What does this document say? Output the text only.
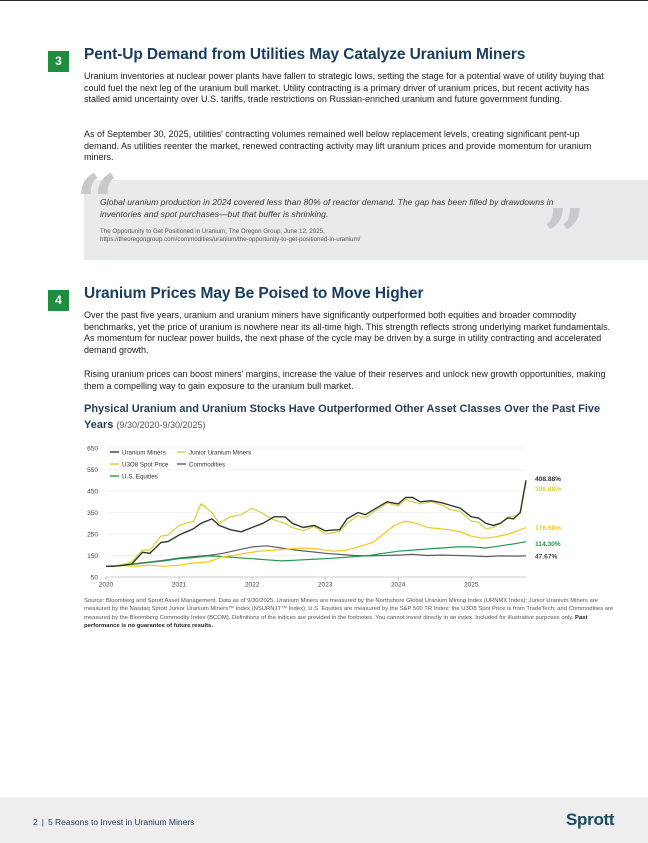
3	Pent-Up Demand from Utilities May Catalyze Uranium Miners
Uranium inventories at nuclear power plants have fallen to strategic lows, setting the stage for a potential wave of utility buying that could fuel the next leg of the uranium bull market. Utility contracting is a primary driver of uranium prices, but recent activity has stalled amid uncertainty over U.S. tariffs, trade restrictions on Russian-enriched uranium and future government funding.
As of September 30, 2025, utilities' contracting volumes remained well below replacement levels, creating significant pent-up demand. As utilities reenter the market, renewed contracting activity may lift uranium prices and provide momentum for uranium miners.
“	”
Global uranium production in 2024 covered less than 80% of reactor demand. The gap has been filled by drawdowns in inventories and spot purchases—but that buffer is shrinking.
The Opportunity to Get Positioned in Uranium, The Oregon Group, June 12, 2025,
https://theoregongroup.com/commodities/uranium/the-opportunity-to-get-positioned-in-uranium/
4	Uranium Prices May Be Poised to Move Higher
Over the past five years, uranium and uranium miners have significantly outperformed both equities and broader commodity benchmarks, yet the price of uranium is nowhere near its all-time high. This strength reflects strong underlying market fundamentals. As momentum for nuclear power builds, the next phase of the cycle may be driven by a surge in utility contracting and accelerated demand growth.
Rising uranium prices can boost miners' margins, increase the value of their reserves and unlock new growth opportunities, making them a compelling way to gain exposure to the uranium bull market.
Physical Uranium and Uranium Stocks Have Outperformed Other Asset Classes Over the Past Five Years (9/30/2020-9/30/2025)
50
150
250
350
450
550
650
2020	2021	2022	2023	2024	2025
408.88%
396.88%
176.58%
114.30%
47.67%
Uranium Miners	Junior Uranium Miners
U3O8 Spot Price	Commodities
U.S. Equities
Source: Bloomberg and Sprott Asset Management. Data as of 9/30/2025. Uranium Miners are measured by the Northshore Global Uranium Mining Index (URNMX Index); Junior Uranium Miners are measured by the Nasdaq Sprott Junior Uranium Miners™ Index (NSURNJT™ Index); U.S. Equities are measured by the S&P 500 TR Index; the U3O8 Spot Price is from TradeTech; and Commodities are measured by the Bloomberg Commodity Index (BCOM). Definitions of the indices are provided in the footnotes. You cannot invest directly in an index. Included for illustrative purposes only. Past performance is no guarantee of future results.
2 | 5 Reasons to Invest in Uranium Miners	Sprott
